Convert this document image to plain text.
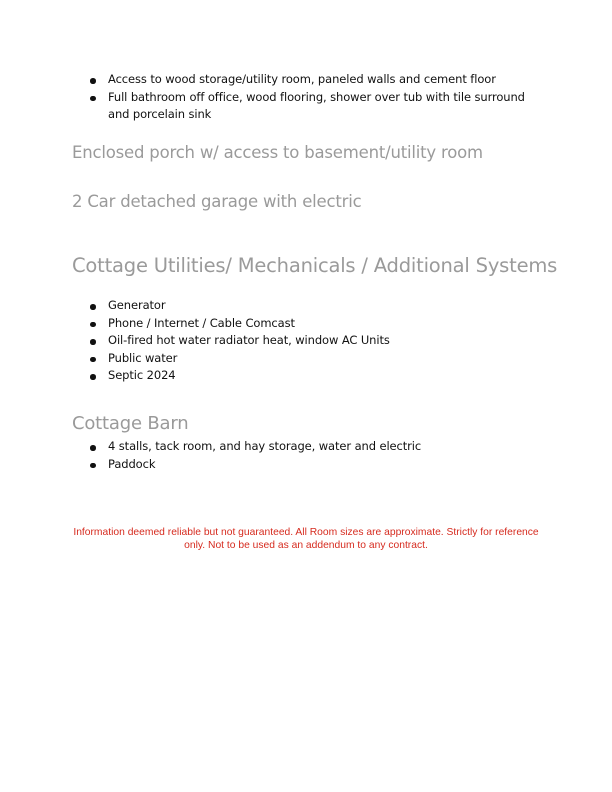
Access to wood storage/utility room, paneled walls and cement floor
Full bathroom off office, wood flooring, shower over tub with tile surround and porcelain sink
Enclosed porch w/ access to basement/utility room
2 Car detached garage with electric
Cottage Utilities/ Mechanicals / Additional Systems
Generator
Phone / Internet / Cable Comcast
Oil-fired hot water radiator heat, window AC Units
Public water
Septic 2024
Cottage Barn
4 stalls, tack room, and hay storage, water and electric
Paddock

Information deemed reliable but not guaranteed. All Room sizes are approximate. Strictly for reference only. Not to be used as an addendum to any contract.
